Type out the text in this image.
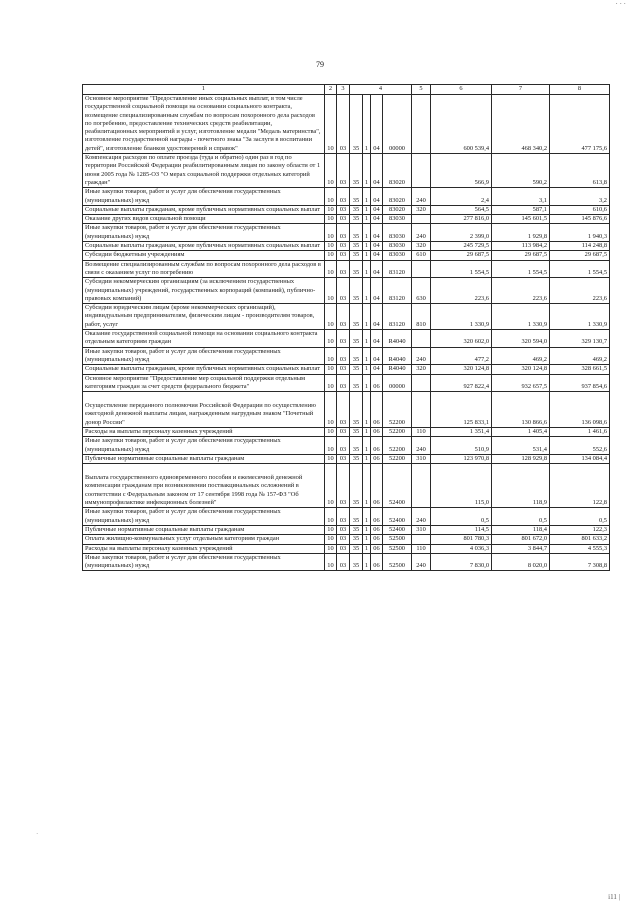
· · ·
79
1	2	3	4				5	6	7	8
Основное мероприятие "Предоставление иных социальных выплат, в том числе государственной социальной помощи на основании социального контракта, возмещение специализированным службам по вопросам похоронного дела расходов по погребению, предоставление технических средств реабилитации, реабилитационных мероприятий и услуг, изготовление медали "Медаль материнства", изготовление государственной награды - почетного знака "За заслуги в воспитании детей", изготовление бланков удостоверений и справок"	10	03	35	1	04	00000		600 539,4	468 340,2	477 175,6
Компенсация расходов по оплате проезда (туда и обратно) один раз в год по территории Российской Федерации реабилитированным лицам по закону области от 1 июня 2005 года № 1285-ОЗ "О мерах социальной поддержки отдельных категорий граждан"	10	03	35	1	04	83020		566,9	590,2	613,8
Иные закупки товаров, работ и услуг для обеспечения государственных (муниципальных) нужд	10	03	35	1	04	83020	240	2,4	3,1	3,2
Социальные выплаты гражданам, кроме публичных нормативных социальных выплат	10	03	35	1	04	83020	320	564,5	587,1	610,6
Оказание других видов социальной помощи	10	03	35	1	04	83030		277 816,0	145 601,5	145 876,6
Иные закупки товаров, работ и услуг для обеспечения государственных (муниципальных) нужд	10	03	35	1	04	83030	240	2 399,0	1 929,8	1 940,3
Социальные выплаты гражданам, кроме публичных нормативных социальных выплат	10	03	35	1	04	83030	320	245 729,5	113 984,2	114 248,8
Субсидии бюджетным учреждениям	10	03	35	1	04	83030	610	29 687,5	29 687,5	29 687,5
Возмещение специализированным службам по вопросам похоронного дела расходов в связи с оказанием услуг по погребению	10	03	35	1	04	83120		1 554,5	1 554,5	1 554,5
Субсидии некоммерческим организациям (за исключением государственных (муниципальных) учреждений, государственных корпораций (компаний), публично-правовых компаний)	10	03	35	1	04	83120	630	223,6	223,6	223,6
Субсидии юридическим лицам (кроме некоммерческих организаций), индивидуальным предпринимателям, физическим лицам - производителям товаров, работ, услуг	10	03	35	1	04	83120	810	1 330,9	1 330,9	1 330,9
Оказание государственной социальной помощи на основании социального контракта отдельным категориям граждан	10	03	35	1	04	R4040		320 602,0	320 594,0	329 130,7
Иные закупки товаров, работ и услуг для обеспечения государственных (муниципальных) нужд	10	03	35	1	04	R4040	240	477,2	469,2	469,2
Социальные выплаты гражданам, кроме публичных нормативных социальных выплат	10	03	35	1	04	R4040	320	320 124,8	320 124,8	328 661,5
Основное мероприятие "Предоставление мер социальной поддержки отдельным категориям граждан за счет средств федерального бюджета"	10	03	35	1	06	00000		927 822,4	932 657,5	937 854,6
Осуществление переданного полномочия Российской Федерации по осуществлению ежегодной денежной выплаты лицам, награжденным нагрудным знаком "Почетный донор России"	10	03	35	1	06	52200		125 833,1	130 866,6	136 098,6
Расходы на выплаты персоналу казенных учреждений	10	03	35	1	06	52200	110	1 351,4	1 405,4	1 461,6
Иные закупки товаров, работ и услуг для обеспечения государственных (муниципальных) нужд	10	03	35	1	06	52200	240	510,9	531,4	552,6
Публичные нормативные социальные выплаты гражданам	10	03	35	1	06	52200	310	123 970,8	128 929,8	134 084,4
Выплата государственного единовременного пособия и ежемесячной денежной компенсации гражданам при возникновении поствакцинальных осложнений в соответствии с Федеральным законом от 17 сентября 1998 года № 157-ФЗ "Об иммунопрофилактике инфекционных болезней"	10	03	35	1	06	52400		115,0	118,9	122,8
Иные закупки товаров, работ и услуг для обеспечения государственных (муниципальных) нужд	10	03	35	1	06	52400	240	0,5	0,5	0,5
Публичные нормативные социальные выплаты гражданам	10	03	35	1	06	52400	310	114,5	118,4	122,3
Оплата жилищно-коммунальных услуг отдельным категориям граждан	10	03	35	1	06	52500		801 780,3	801 672,0	801 633,2
Расходы на выплаты персоналу казенных учреждений	10	03	35	1	06	52500	110	4 036,3	3 844,7	4 555,3
Иные закупки товаров, работ и услуг для обеспечения государственных (муниципальных) нужд	10	03	35	1	06	52500	240	7 830,0	8 020,0	7 308,8
·
i11 |
